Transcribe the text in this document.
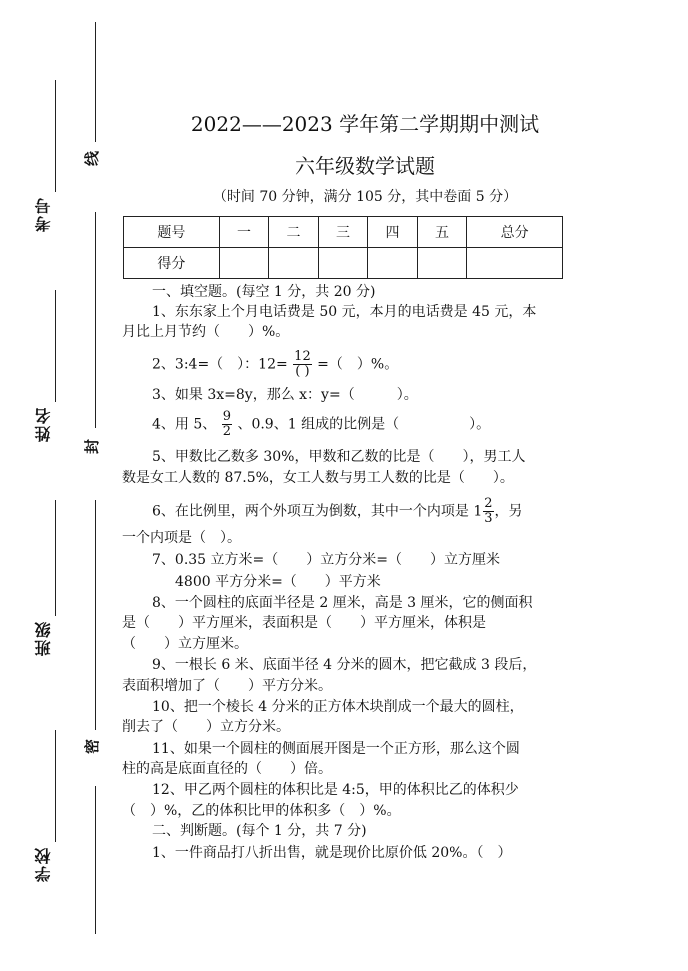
线
封
密
考号
姓名
班级
学校
2022——2023 学年第二学期期中测试
六年级数学试题
（时间 70 分钟，满分 105 分，其中卷面 5 分）
题号	一	二	三	四	五	总分
得分						
一、填空题。(每空 1 分，共 20 分)
1、东东家上个月电话费是 50 元，本月的电话费是 45 元，本
月比上月节约（　　）%。
2、3:4=（　）：$12= \frac{12}{( )}$ =（　）%。
3、如果 3x=8y，那么 x：y=（　　　）。
4、用 5、 $\frac{9}{2}$ 、0.9、1 组成的比例是（　　　　　）。
5、甲数比乙数多 30%，甲数和乙数的比是（　　），男工人
数是女工人数的 87.5%，女工人数与男工人数的比是（　　）。
6、在比例里，两个外项互为倒数，其中一个内项是 $1 \frac{2}{3}$ ，另
一个内项是（　）。
7、0.35 立方米=（　　）立方分米=（　　）立方厘米
4800 平方分米=（　　）平方米
8、一个圆柱的底面半径是 2 厘米，高是 3 厘米，它的侧面积
是（　　）平方厘米，表面积是（　　）平方厘米，体积是
（　　）立方厘米。
9、一根长 6 米、底面半径 4 分米的圆木，把它截成 3 段后，
表面积增加了（　　）平方分米。
10、把一个棱长 4 分米的正方体木块削成一个最大的圆柱，
削去了（　　）立方分米。
11、如果一个圆柱的侧面展开图是一个正方形，那么这个圆
柱的高是底面直径的（　　）倍。
12、甲乙两个圆柱的体积比是 4:5，甲的体积比乙的体积少
（　）%，乙的体积比甲的体积多（　）%。
二、判断题。(每个 1 分，共 7 分)
1、一件商品打八折出售，就是现价比原价低 20%。（　）
